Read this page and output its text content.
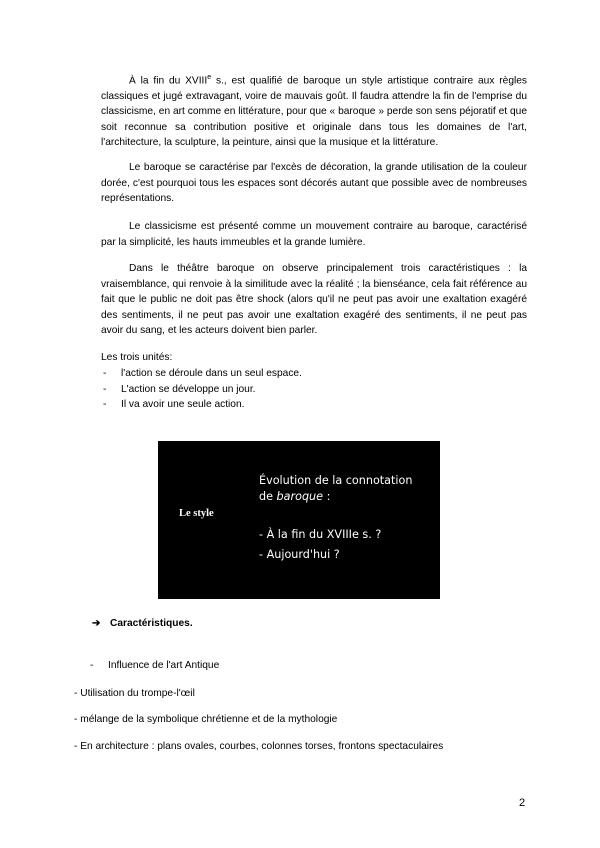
À la fin du XVIIIe s., est qualifié de baroque un style artistique contraire aux règles classiques et jugé extravagant, voire de mauvais goût. Il faudra attendre la fin de l'emprise du classicisme, en art comme en littérature, pour que « baroque » perde son sens péjoratif et que soit reconnue sa contribution positive et originale dans tous les domaines de l'art, l'architecture, la sculpture, la peinture, ainsi que la musique et la littérature.

Le baroque se caractérise par l'excès de décoration, la grande utilisation de la couleur dorée, c'est pourquoi tous les espaces sont décorés autant que possible avec de nombreuses représentations.

Le classicisme est présenté comme un mouvement contraire au baroque, caractérisé par la simplicité, les hauts immeubles et la grande lumière.

Dans le théâtre baroque on observe principalement trois caractéristiques : la vraisemblance, qui renvoie à la similitude avec la réalité ; la bienséance, cela fait référence au fait que le public ne doit pas être shock (alors qu'il ne peut pas avoir une exaltation exagéré des sentiments, il ne peut pas avoir une exaltation exagéré des sentiments, il ne peut pas avoir du sang, et les acteurs doivent bien parler.

Les trois unités:

- l'action se déroule dans un seul espace.
- L'action se développe un jour.
- Il va avoir une seule action.
Le style
Évolution de la connotation
de baroque :
- À la fin du XVIIIe s. ?
- Aujourd'hui ?
➔ Caractéristiques.
- Influence de l'art Antique

- Utilisation du trompe-l'œil

- mélange de la symbolique chrétienne et de la mythologie

- En architecture : plans ovales, courbes, colonnes torses, frontons spectaculaires

2
